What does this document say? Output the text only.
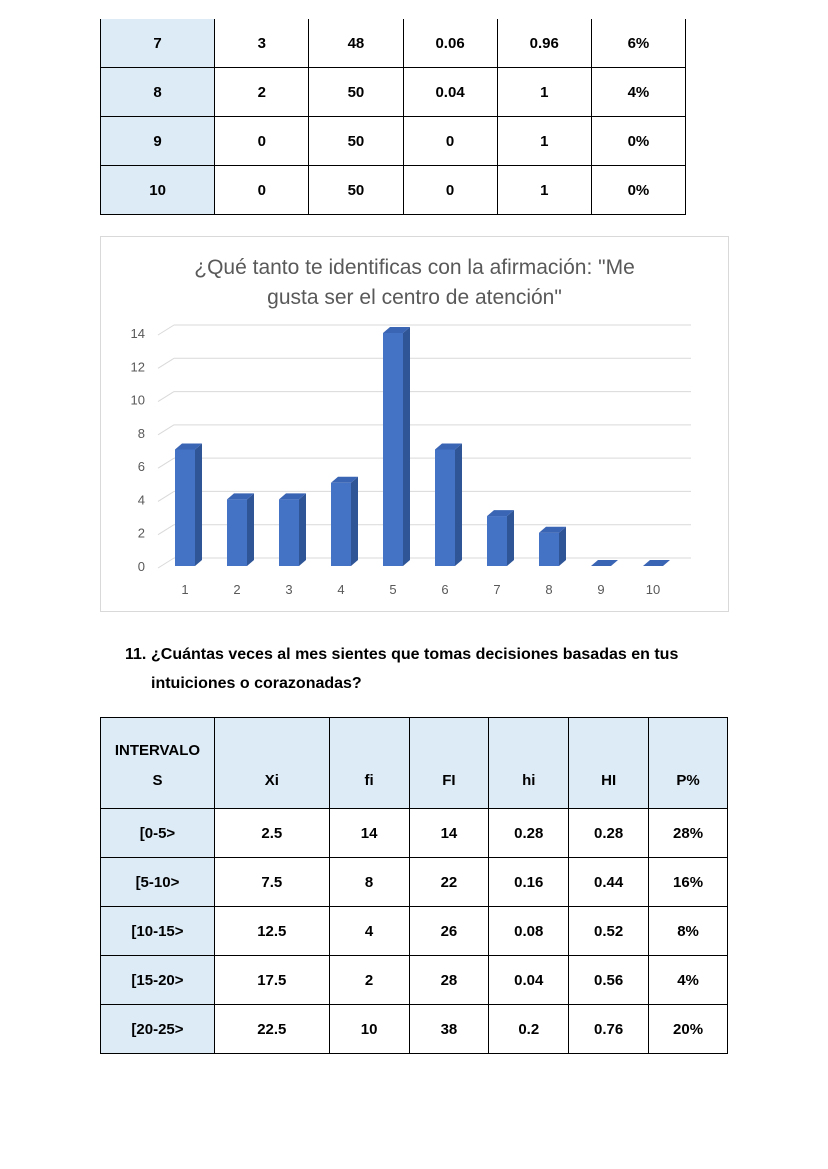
7	3	48	0.06	0.96	6%
8	2	50	0.04	1	4%
9	0	50	0	1	0%
10	0	50	0	1	0%
¿Qué tanto te identificas con la afirmación: "Me
gusta ser el centro de atención"
0
2
4
6
8
10
12
14
1	2	3	4	5	6	7	8	9	10
11. ¿Cuántas veces al mes sientes que tomas decisiones basadas en tus
intuiciones o corazonadas?
INTERVALO
S	Xi	fi	FI	hi	HI	P%
[0-5>	2.5	14	14	0.28	0.28	28%
[5-10>	7.5	8	22	0.16	0.44	16%
[10-15>	12.5	4	26	0.08	0.52	8%
[15-20>	17.5	2	28	0.04	0.56	4%
[20-25>	22.5	10	38	0.2	0.76	20%
